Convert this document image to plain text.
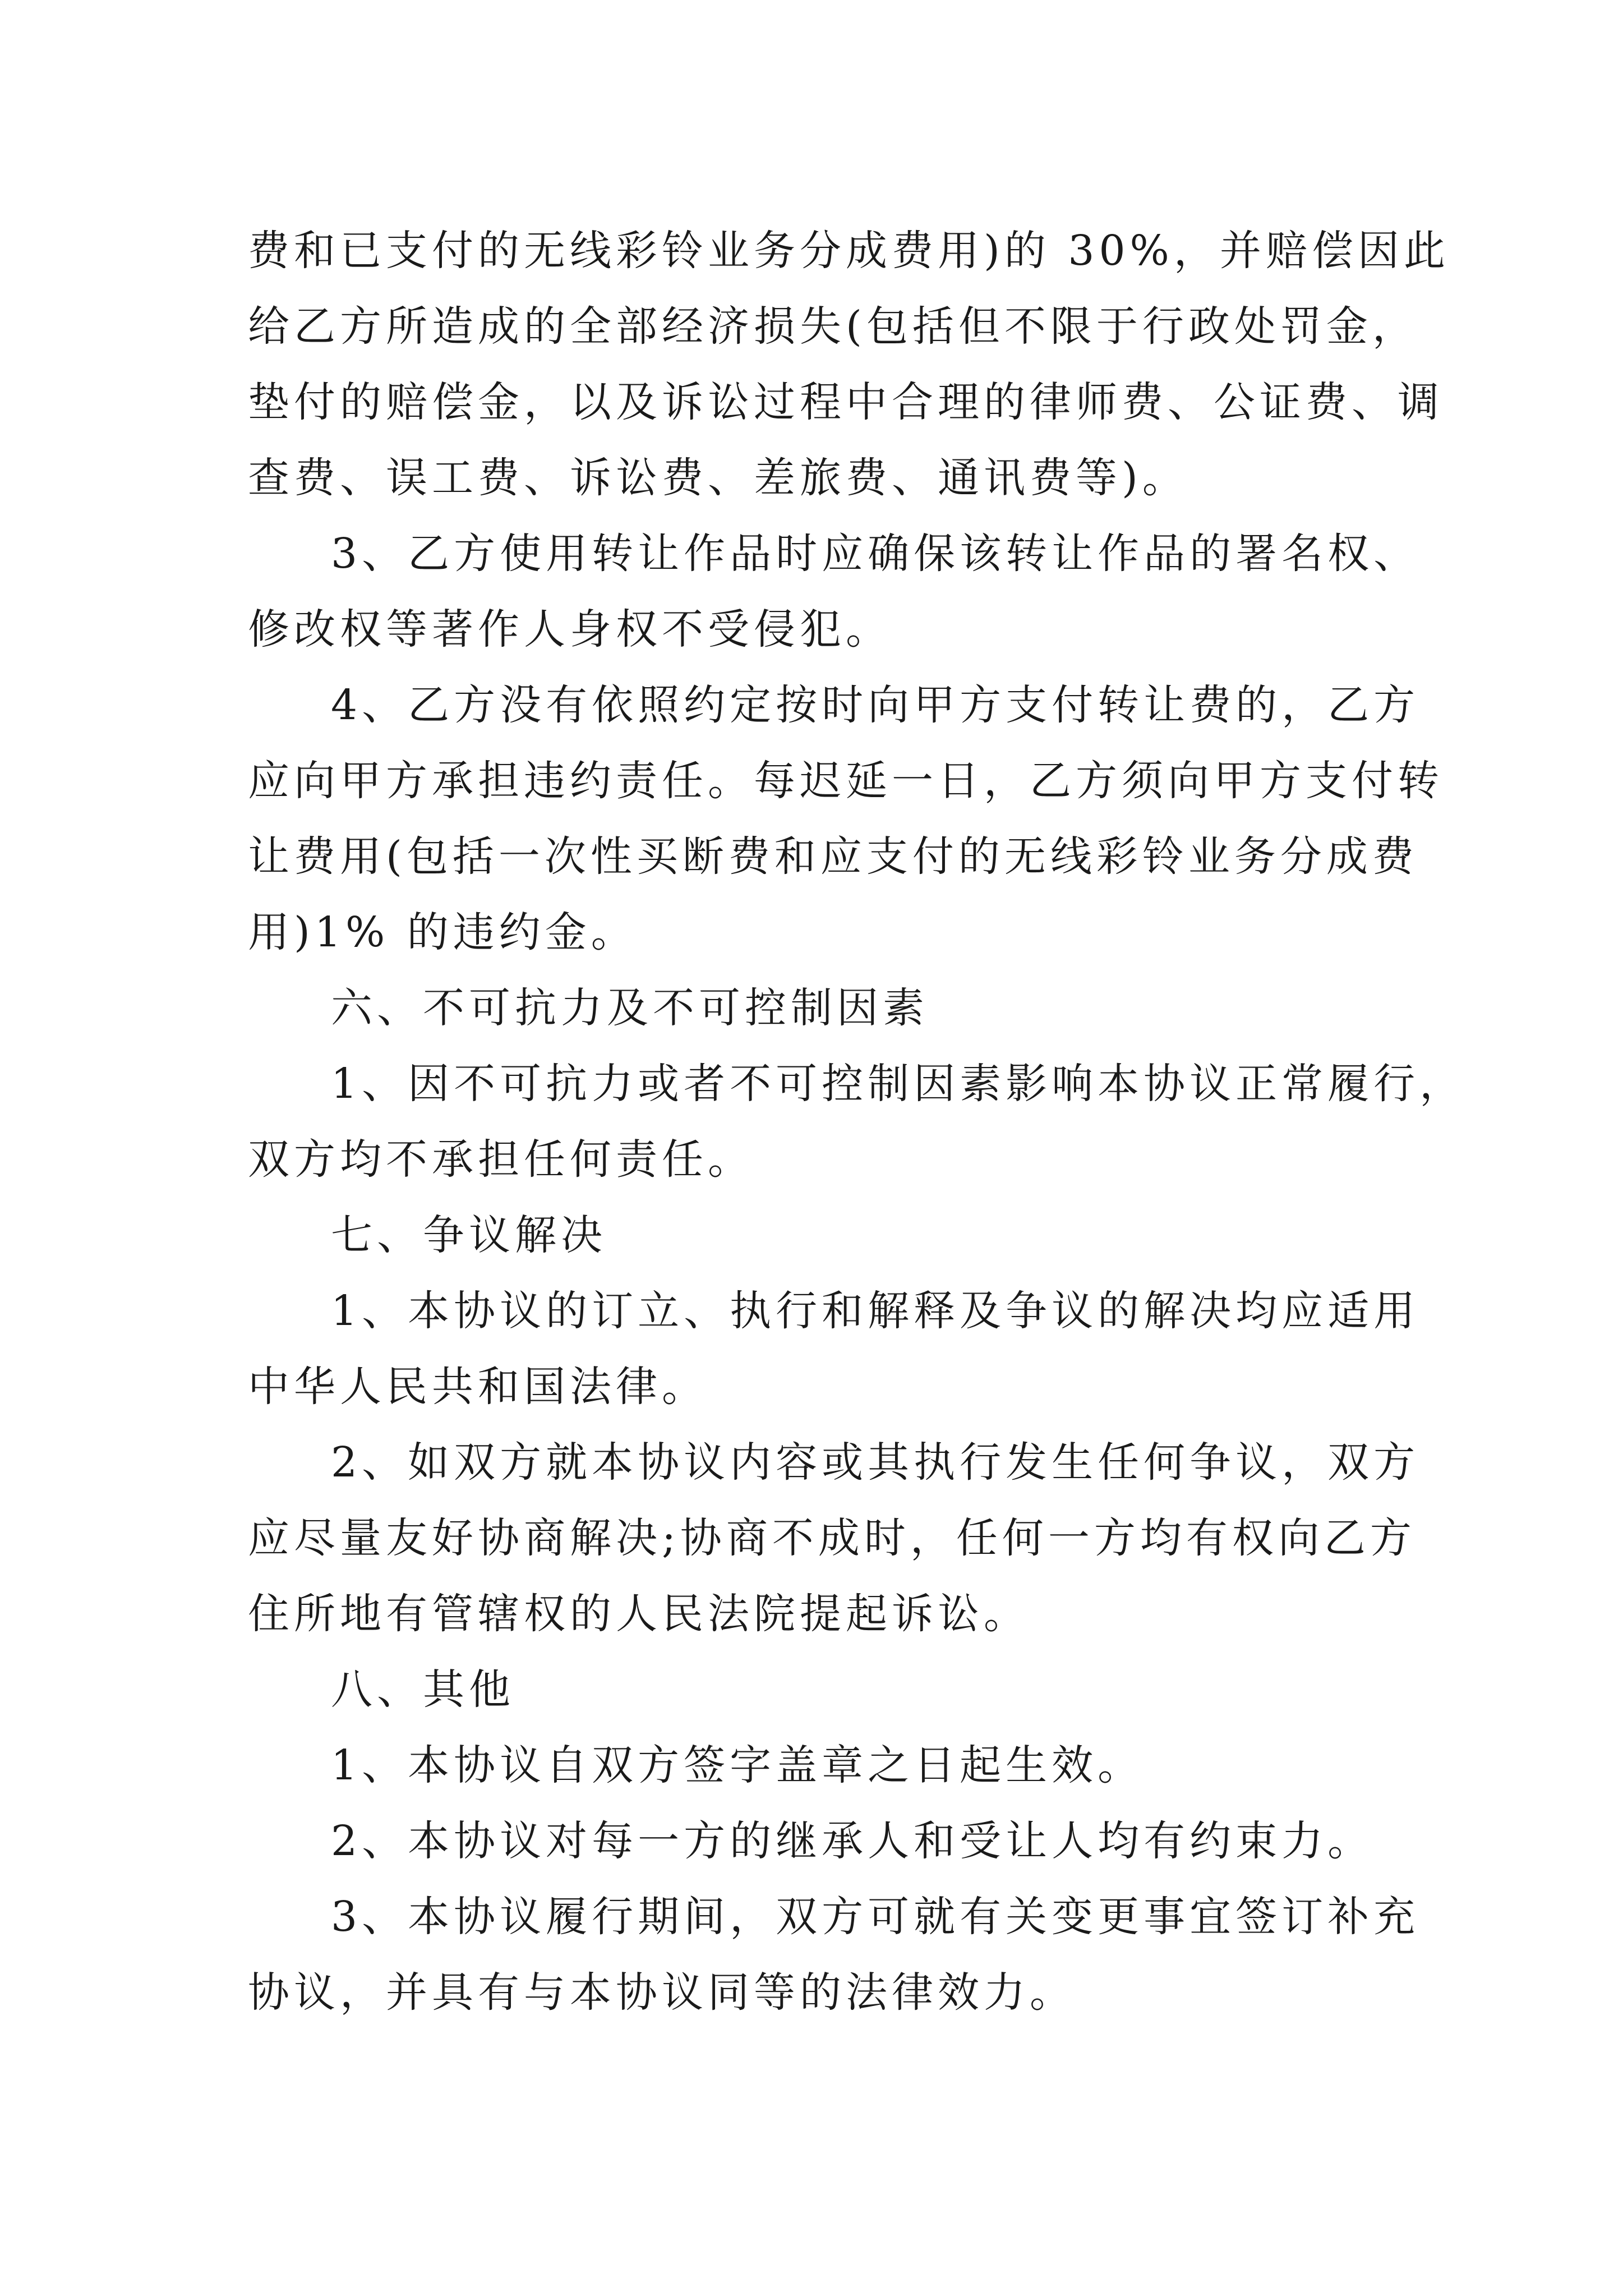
费和已支付的无线彩铃业务分成费用)的 30%，并赔偿因此
给乙方所造成的全部经济损失(包括但不限于行政处罚金，
垫付的赔偿金，以及诉讼过程中合理的律师费、公证费、调
查费、误工费、诉讼费、差旅费、通讯费等)。
3、乙方使用转让作品时应确保该转让作品的署名权、
修改权等著作人身权不受侵犯。
4、乙方没有依照约定按时向甲方支付转让费的，乙方
应向甲方承担违约责任。每迟延一日，乙方须向甲方支付转
让费用(包括一次性买断费和应支付的无线彩铃业务分成费
用)1% 的违约金。
六、不可抗力及不可控制因素
1、因不可抗力或者不可控制因素影响本协议正常履行，
双方均不承担任何责任。
七、争议解决
1、本协议的订立、执行和解释及争议的解决均应适用
中华人民共和国法律。
2、如双方就本协议内容或其执行发生任何争议，双方
应尽量友好协商解决;协商不成时，任何一方均有权向乙方
住所地有管辖权的人民法院提起诉讼。
八、其他
1、本协议自双方签字盖章之日起生效。
2、本协议对每一方的继承人和受让人均有约束力。
3、本协议履行期间，双方可就有关变更事宜签订补充
协议，并具有与本协议同等的法律效力。
